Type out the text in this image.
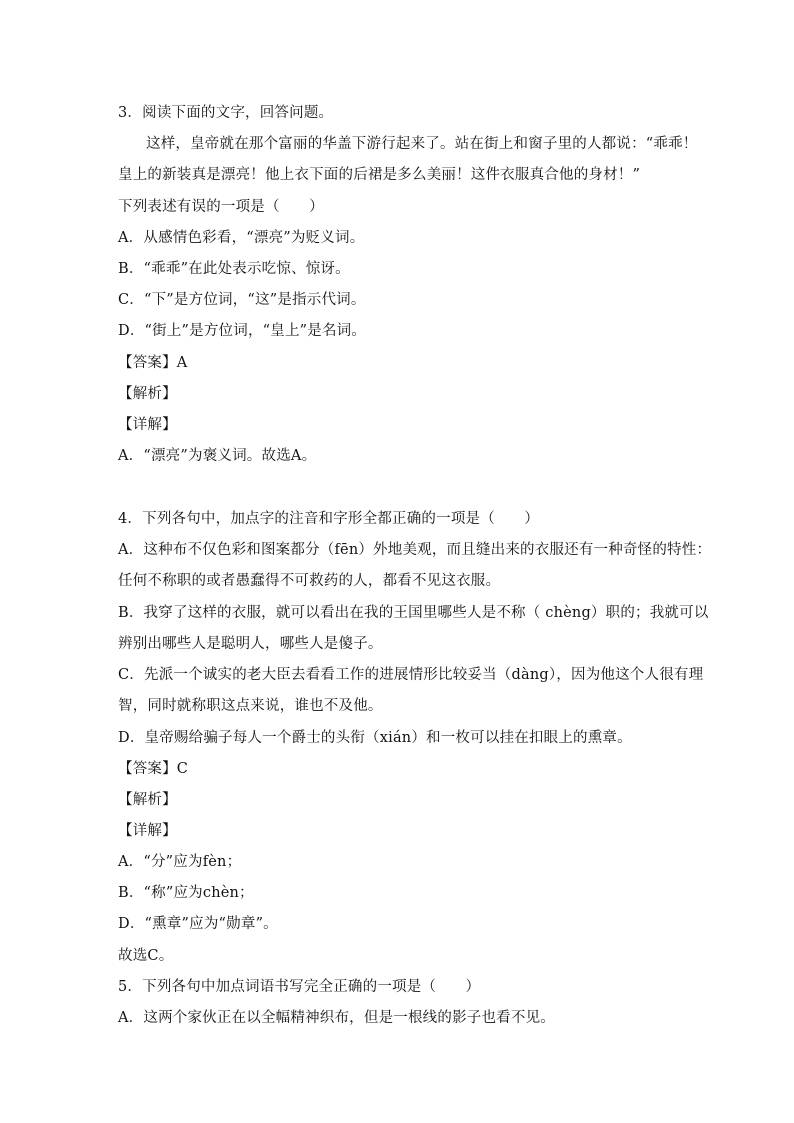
3．阅读下面的文字，回答问题。
这样，皇帝就在那个富丽的华盖下游行起来了。站在街上和窗子里的人都说：“乖乖！
皇上的新装真是漂亮！他上衣下面的后裙是多么美丽！这件衣服真合他的身材！”
下列表述有误的一项是（　　）
A．从感情色彩看，“漂亮”为贬义词。
B．“乖乖”在此处表示吃惊、惊讶。
C．“下”是方位词，“这”是指示代词。
D．“街上”是方位词，“皇上”是名词。
【答案】A
【解析】
【详解】
A．“漂亮”为褒义词。故选A。
4．下列各句中，加点字的注音和字形全都正确的一项是（　　）
A．这种布不仅色彩和图案都分（fēn）外地美观，而且缝出来的衣服还有一种奇怪的特性：
任何不称职的或者愚蠢得不可救药的人，都看不见这衣服。
B．我穿了这样的衣服，就可以看出在我的王国里哪些人是不称（ chèng）职的；我就可以
辨别出哪些人是聪明人，哪些人是傻子。
C．先派一个诚实的老大臣去看看工作的进展情形比较妥当（dàng），因为他这个人很有理
智，同时就称职这点来说，谁也不及他。
D．皇帝赐给骗子每人一个爵士的头衔（xián）和一枚可以挂在扣眼上的熏章。
【答案】C
【解析】
【详解】
A．“分”应为fèn；
B．“称”应为chèn；
D．“熏章”应为“勋章”。
故选C。
5．下列各句中加点词语书写完全正确的一项是（　　）
A．这两个家伙正在以全幅精神织布，但是一根线的影子也看不见。
